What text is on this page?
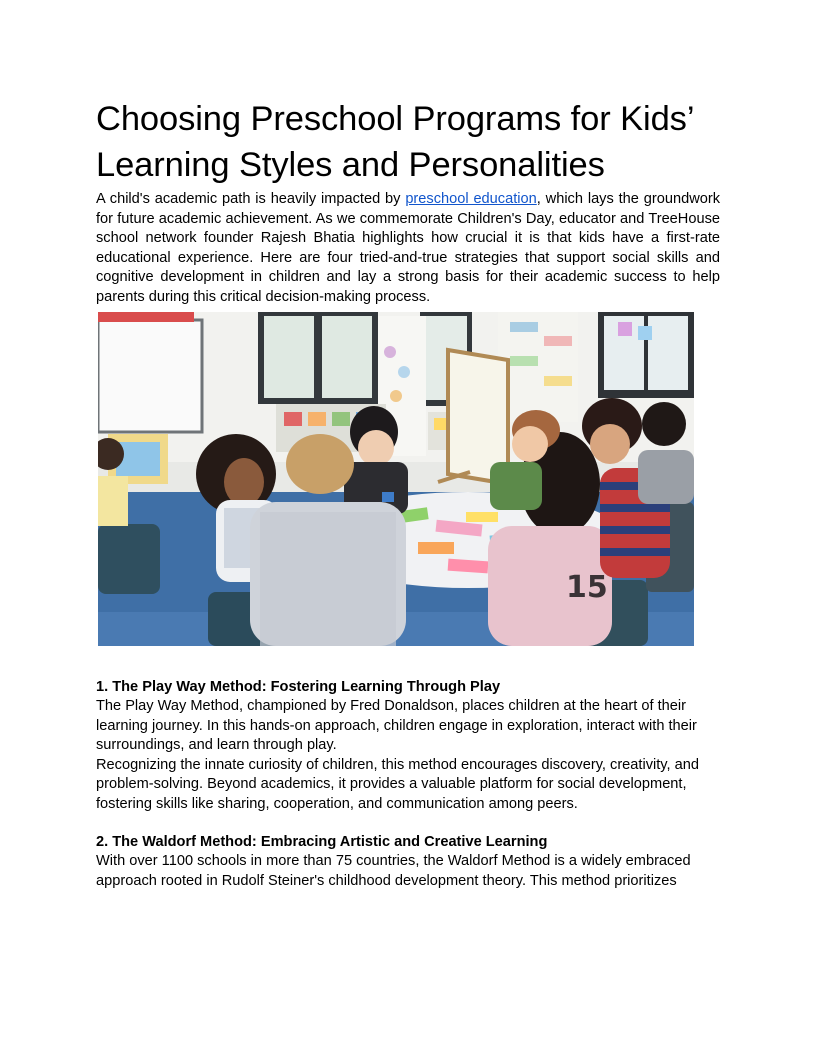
Choosing Preschool Programs for Kids’
Learning Styles and Personalities

A child's academic path is heavily impacted by preschool education, which lays the groundwork for future academic achievement. As we commemorate Children's Day, educator and TreeHouse school network founder Rajesh Bhatia highlights how crucial it is that kids have a first-rate educational experience. Here are four tried-and-true strategies that support social skills and cognitive development in children and lay a strong basis for their academic success to help parents during this critical decision-making process.

15
1. The Play Way Method: Fostering Learning Through Play

The Play Way Method, championed by Fred Donaldson, places children at the heart of their learning journey. In this hands-on approach, children engage in exploration, interact with their surroundings, and learn through play.

Recognizing the innate curiosity of children, this method encourages discovery, creativity, and problem-solving. Beyond academics, it provides a valuable platform for social development, fostering skills like sharing, cooperation, and communication among peers.

2. The Waldorf Method: Embracing Artistic and Creative Learning

With over 1100 schools in more than 75 countries, the Waldorf Method is a widely embraced approach rooted in Rudolf Steiner's childhood development theory. This method prioritizes
